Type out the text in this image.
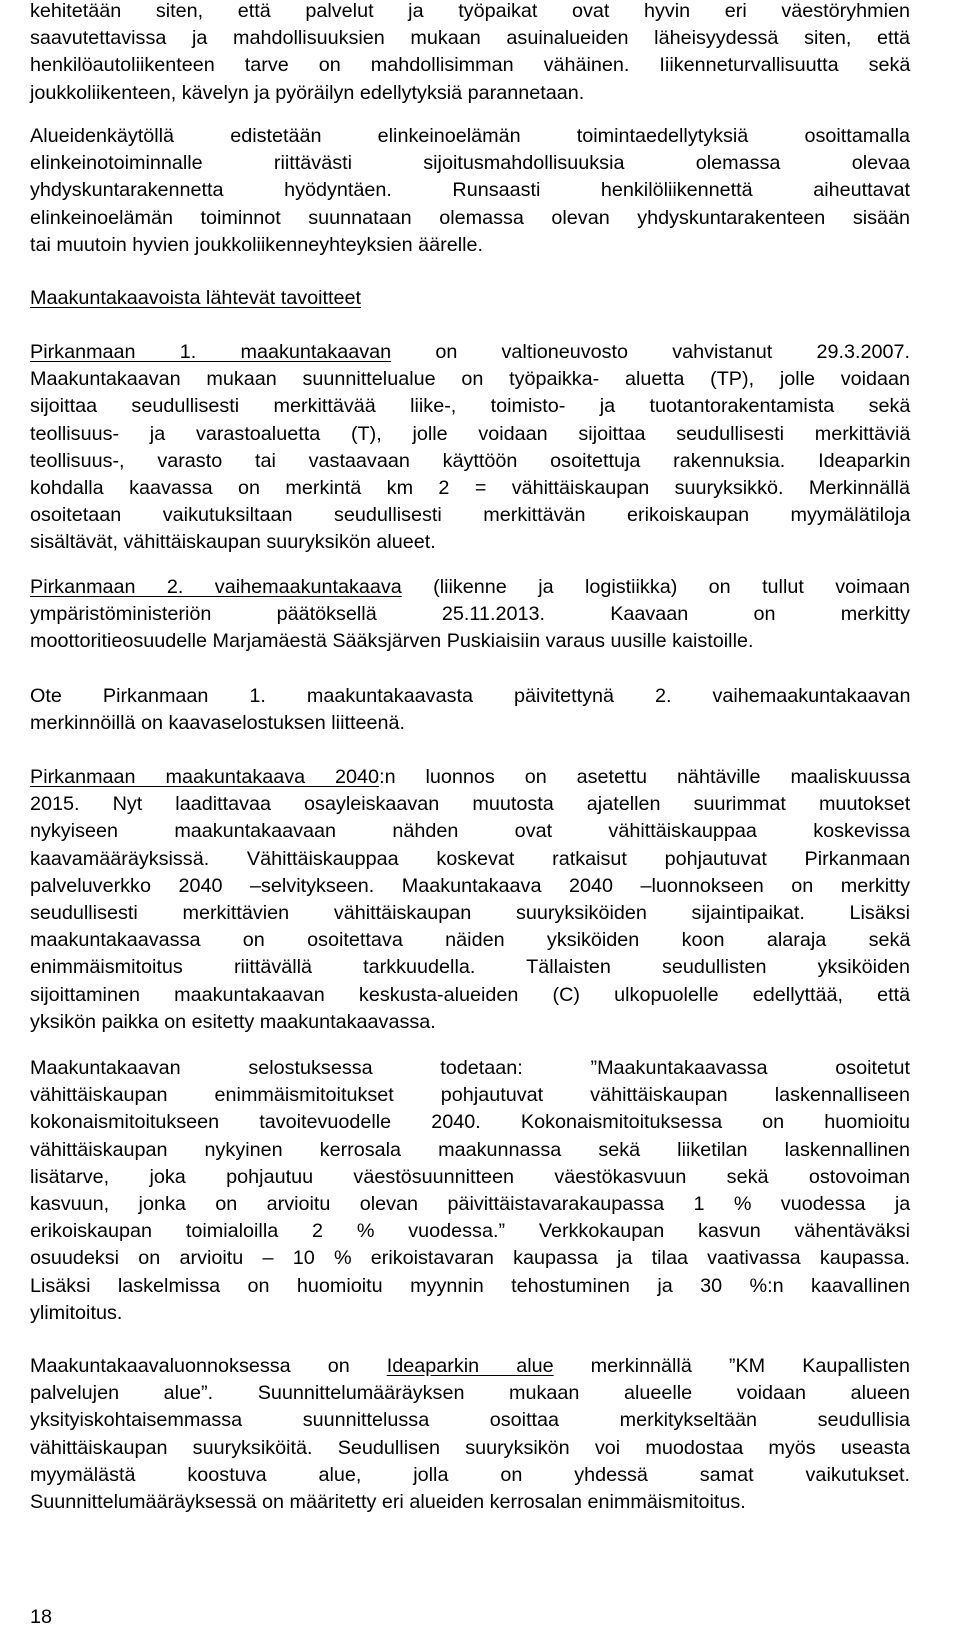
kehitetään siten, että palvelut ja työpaikat ovat hyvin eri väestöryhmien
saavutettavissa ja mahdollisuuksien mukaan asuinalueiden läheisyydessä siten, että
henkilöautoliikenteen tarve on mahdollisimman vähäinen. Iiikenneturvallisuutta sekä
joukkoliikenteen, kävelyn ja pyöräilyn edellytyksiä parannetaan.
Alueidenkäytöllä edistetään elinkeinoelämän toimintaedellytyksiä osoittamalla
elinkeinotoiminnalle riittävästi sijoitusmahdollisuuksia olemassa olevaa
yhdyskuntarakennetta hyödyntäen. Runsaasti henkilöliikennettä aiheuttavat
elinkeinoelämän toiminnot suunnataan olemassa olevan yhdyskuntarakenteen sisään
tai muutoin hyvien joukkoliikenneyhteyksien äärelle.
Maakuntakaavoista lähtevät tavoitteet
Pirkanmaan 1. maakuntakaavan on valtioneuvosto vahvistanut 29.3.2007.
Maakuntakaavan mukaan suunnittelualue on työpaikka- aluetta (TP), jolle voidaan
sijoittaa seudullisesti merkittävää liike-, toimisto- ja tuotantorakentamista sekä
teollisuus- ja varastoaluetta (T), jolle voidaan sijoittaa seudullisesti merkittäviä
teollisuus-, varasto tai vastaavaan käyttöön osoitettuja rakennuksia. Ideaparkin
kohdalla kaavassa on merkintä km 2 = vähittäiskaupan suuryksikkö. Merkinnällä
osoitetaan vaikutuksiltaan seudullisesti merkittävän erikoiskaupan myymälätiloja
sisältävät, vähittäiskaupan suuryksikön alueet.
Pirkanmaan 2. vaihemaakuntakaava (liikenne ja logistiikka) on tullut voimaan
ympäristöministeriön päätöksellä 25.11.2013. Kaavaan on merkitty
moottoritieosuudelle Marjamäestä Sääksjärven Puskiaisiin varaus uusille kaistoille.
Ote Pirkanmaan 1. maakuntakaavasta päivitettynä 2. vaihemaakuntakaavan
merkinnöillä on kaavaselostuksen liitteenä.
Pirkanmaan maakuntakaava 2040:n luonnos on asetettu nähtäville maaliskuussa
2015. Nyt laadittavaa osayleiskaavan muutosta ajatellen suurimmat muutokset
nykyiseen maakuntakaavaan nähden ovat vähittäiskauppaa koskevissa
kaavamääräyksissä. Vähittäiskauppaa koskevat ratkaisut pohjautuvat Pirkanmaan
palveluverkko 2040 –selvitykseen. Maakuntakaava 2040 –luonnokseen on merkitty
seudullisesti merkittävien vähittäiskaupan suuryksiköiden sijaintipaikat. Lisäksi
maakuntakaavassa on osoitettava näiden yksiköiden koon alaraja sekä
enimmäismitoitus riittävällä tarkkuudella. Tällaisten seudullisten yksiköiden
sijoittaminen maakuntakaavan keskusta-alueiden (C) ulkopuolelle edellyttää, että
yksikön paikka on esitetty maakuntakaavassa.
Maakuntakaavan selostuksessa todetaan: ”Maakuntakaavassa osoitetut
vähittäiskaupan enimmäismitoitukset pohjautuvat vähittäiskaupan laskennalliseen
kokonaismitoitukseen tavoitevuodelle 2040. Kokonaismitoituksessa on huomioitu
vähittäiskaupan nykyinen kerrosala maakunnassa sekä liiketilan laskennallinen
lisätarve, joka pohjautuu väestösuunnitteen väestökasvuun sekä ostovoiman
kasvuun, jonka on arvioitu olevan päivittäistavarakaupassa 1 % vuodessa ja
erikoiskaupan toimialoilla 2 % vuodessa.” Verkkokaupan kasvun vähentäväksi
osuudeksi on arvioitu – 10 % erikoistavaran kaupassa ja tilaa vaativassa kaupassa.
Lisäksi laskelmissa on huomioitu myynnin tehostuminen ja 30 %:n kaavallinen
ylimitoitus.
Maakuntakaavaluonnoksessa on Ideaparkin alue merkinnällä ”KM Kaupallisten
palvelujen alue”. Suunnittelumääräyksen mukaan alueelle voidaan alueen
yksityiskohtaisemmassa suunnittelussa osoittaa merkitykseltään seudullisia
vähittäiskaupan suuryksiköitä. Seudullisen suuryksikön voi muodostaa myös useasta
myymälästä koostuva alue, jolla on yhdessä samat vaikutukset.
Suunnittelumääräyksessä on määritetty eri alueiden kerrosalan enimmäismitoitus.
18
